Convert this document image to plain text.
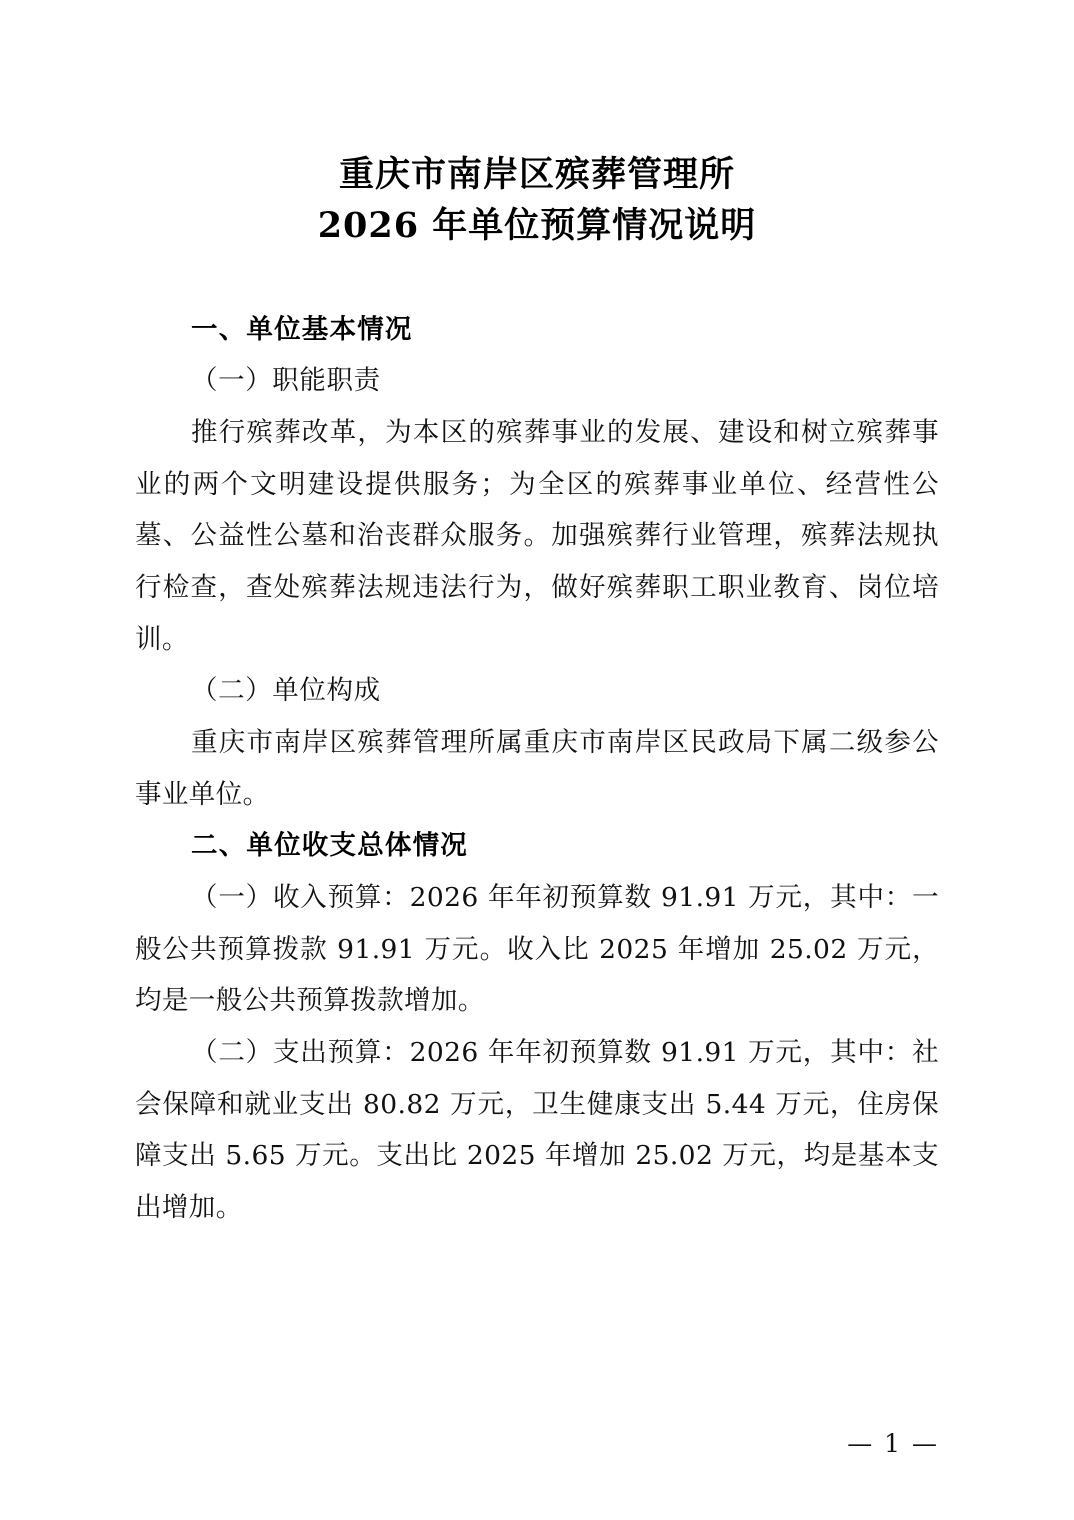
重庆市南岸区殡葬管理所
2026 年单位预算情况说明

一、单位基本情况

（一）职能职责

推行殡葬改革，为本区的殡葬事业的发展、建设和树立殡葬事业的两个文明建设提供服务；为全区的殡葬事业单位、经营性公墓、公益性公墓和治丧群众服务。加强殡葬行业管理，殡葬法规执行检查，查处殡葬法规违法行为，做好殡葬职工职业教育、岗位培训。

（二）单位构成

重庆市南岸区殡葬管理所属重庆市南岸区民政局下属二级参公事业单位。

二、单位收支总体情况

（一）收入预算：2026 年年初预算数 91.91 万元，其中：一般公共预算拨款 91.91 万元。收入比 2025 年增加 25.02 万元，均是一般公共预算拨款增加。

（二）支出预算：2026 年年初预算数 91.91 万元，其中：社会保障和就业支出 80.82 万元，卫生健康支出 5.44 万元，住房保障支出 5.65 万元。支出比 2025 年增加 25.02 万元，均是基本支出增加。

— 1 —
